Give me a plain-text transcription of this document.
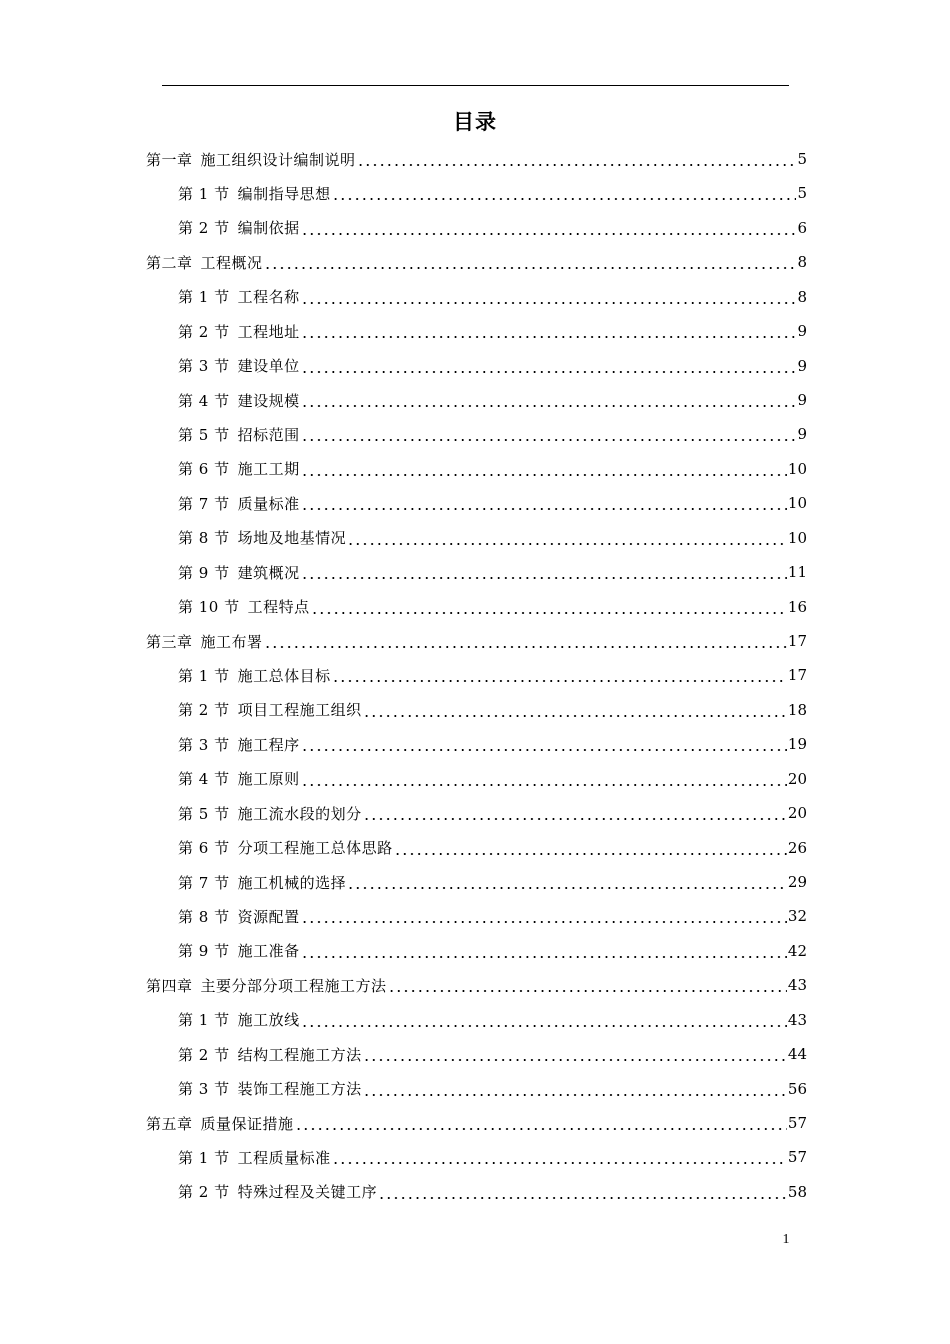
目录
第一章 施工组织设计编制说明	5
第 1 节 编制指导思想	5
第 2 节 编制依据	6
第二章 工程概况	8
第 1 节 工程名称	8
第 2 节 工程地址	9
第 3 节 建设单位	9
第 4 节 建设规模	9
第 5 节 招标范围	9
第 6 节 施工工期	10
第 7 节 质量标准	10
第 8 节 场地及地基情况	10
第 9 节 建筑概况	11
第 10 节 工程特点	16
第三章 施工布署	17
第 1 节 施工总体目标	17
第 2 节 项目工程施工组织	18
第 3 节 施工程序	19
第 4 节 施工原则	20
第 5 节 施工流水段的划分	20
第 6 节 分项工程施工总体思路	26
第 7 节 施工机械的选择	29
第 8 节 资源配置	32
第 9 节 施工准备	42
第四章 主要分部分项工程施工方法	43
第 1 节 施工放线	43
第 2 节 结构工程施工方法	44
第 3 节 装饰工程施工方法	56
第五章 质量保证措施	57
第 1 节 工程质量标准	57
第 2 节 特殊过程及关键工序	58
1
